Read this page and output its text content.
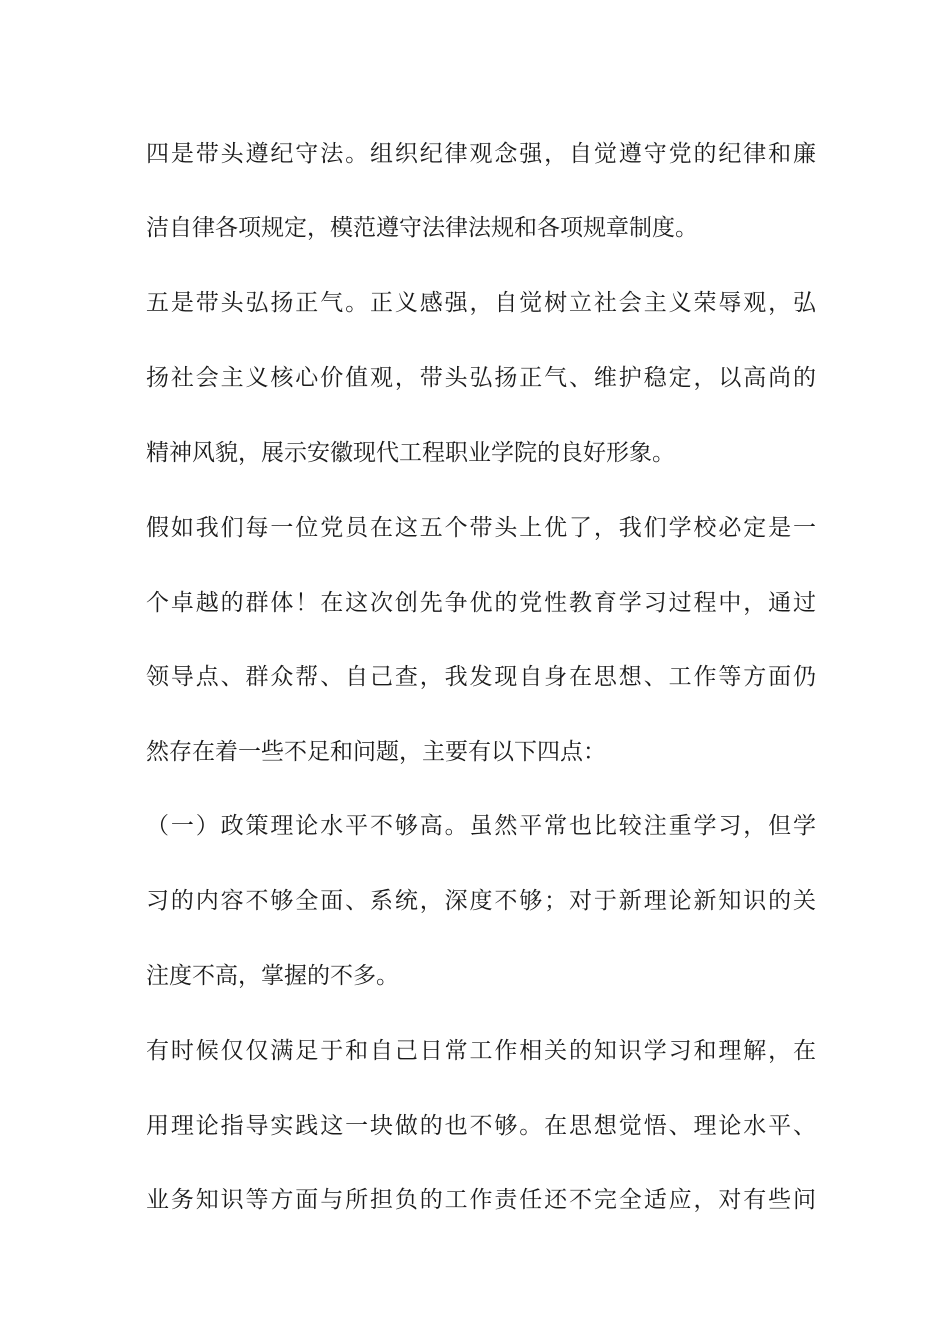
四是带头遵纪守法。组织纪律观念强，自觉遵守党的纪律和廉
洁自律各项规定，模范遵守法律法规和各项规章制度。
五是带头弘扬正气。正义感强，自觉树立社会主义荣辱观，弘
扬社会主义核心价值观，带头弘扬正气、维护稳定，以高尚的
精神风貌，展示安徽现代工程职业学院的良好形象。
假如我们每一位党员在这五个带头上优了，我们学校必定是一
个卓越的群体！在这次创先争优的党性教育学习过程中，通过
领导点、群众帮、自己查，我发现自身在思想、工作等方面仍
然存在着一些不足和问题，主要有以下四点：
（一）政策理论水平不够高。虽然平常也比较注重学习，但学
习的内容不够全面、系统，深度不够；对于新理论新知识的关
注度不高，掌握的不多。
有时候仅仅满足于和自己日常工作相关的知识学习和理解，在
用理论指导实践这一块做的也不够。在思想觉悟、理论水平、
业务知识等方面与所担负的工作责任还不完全适应，对有些问
